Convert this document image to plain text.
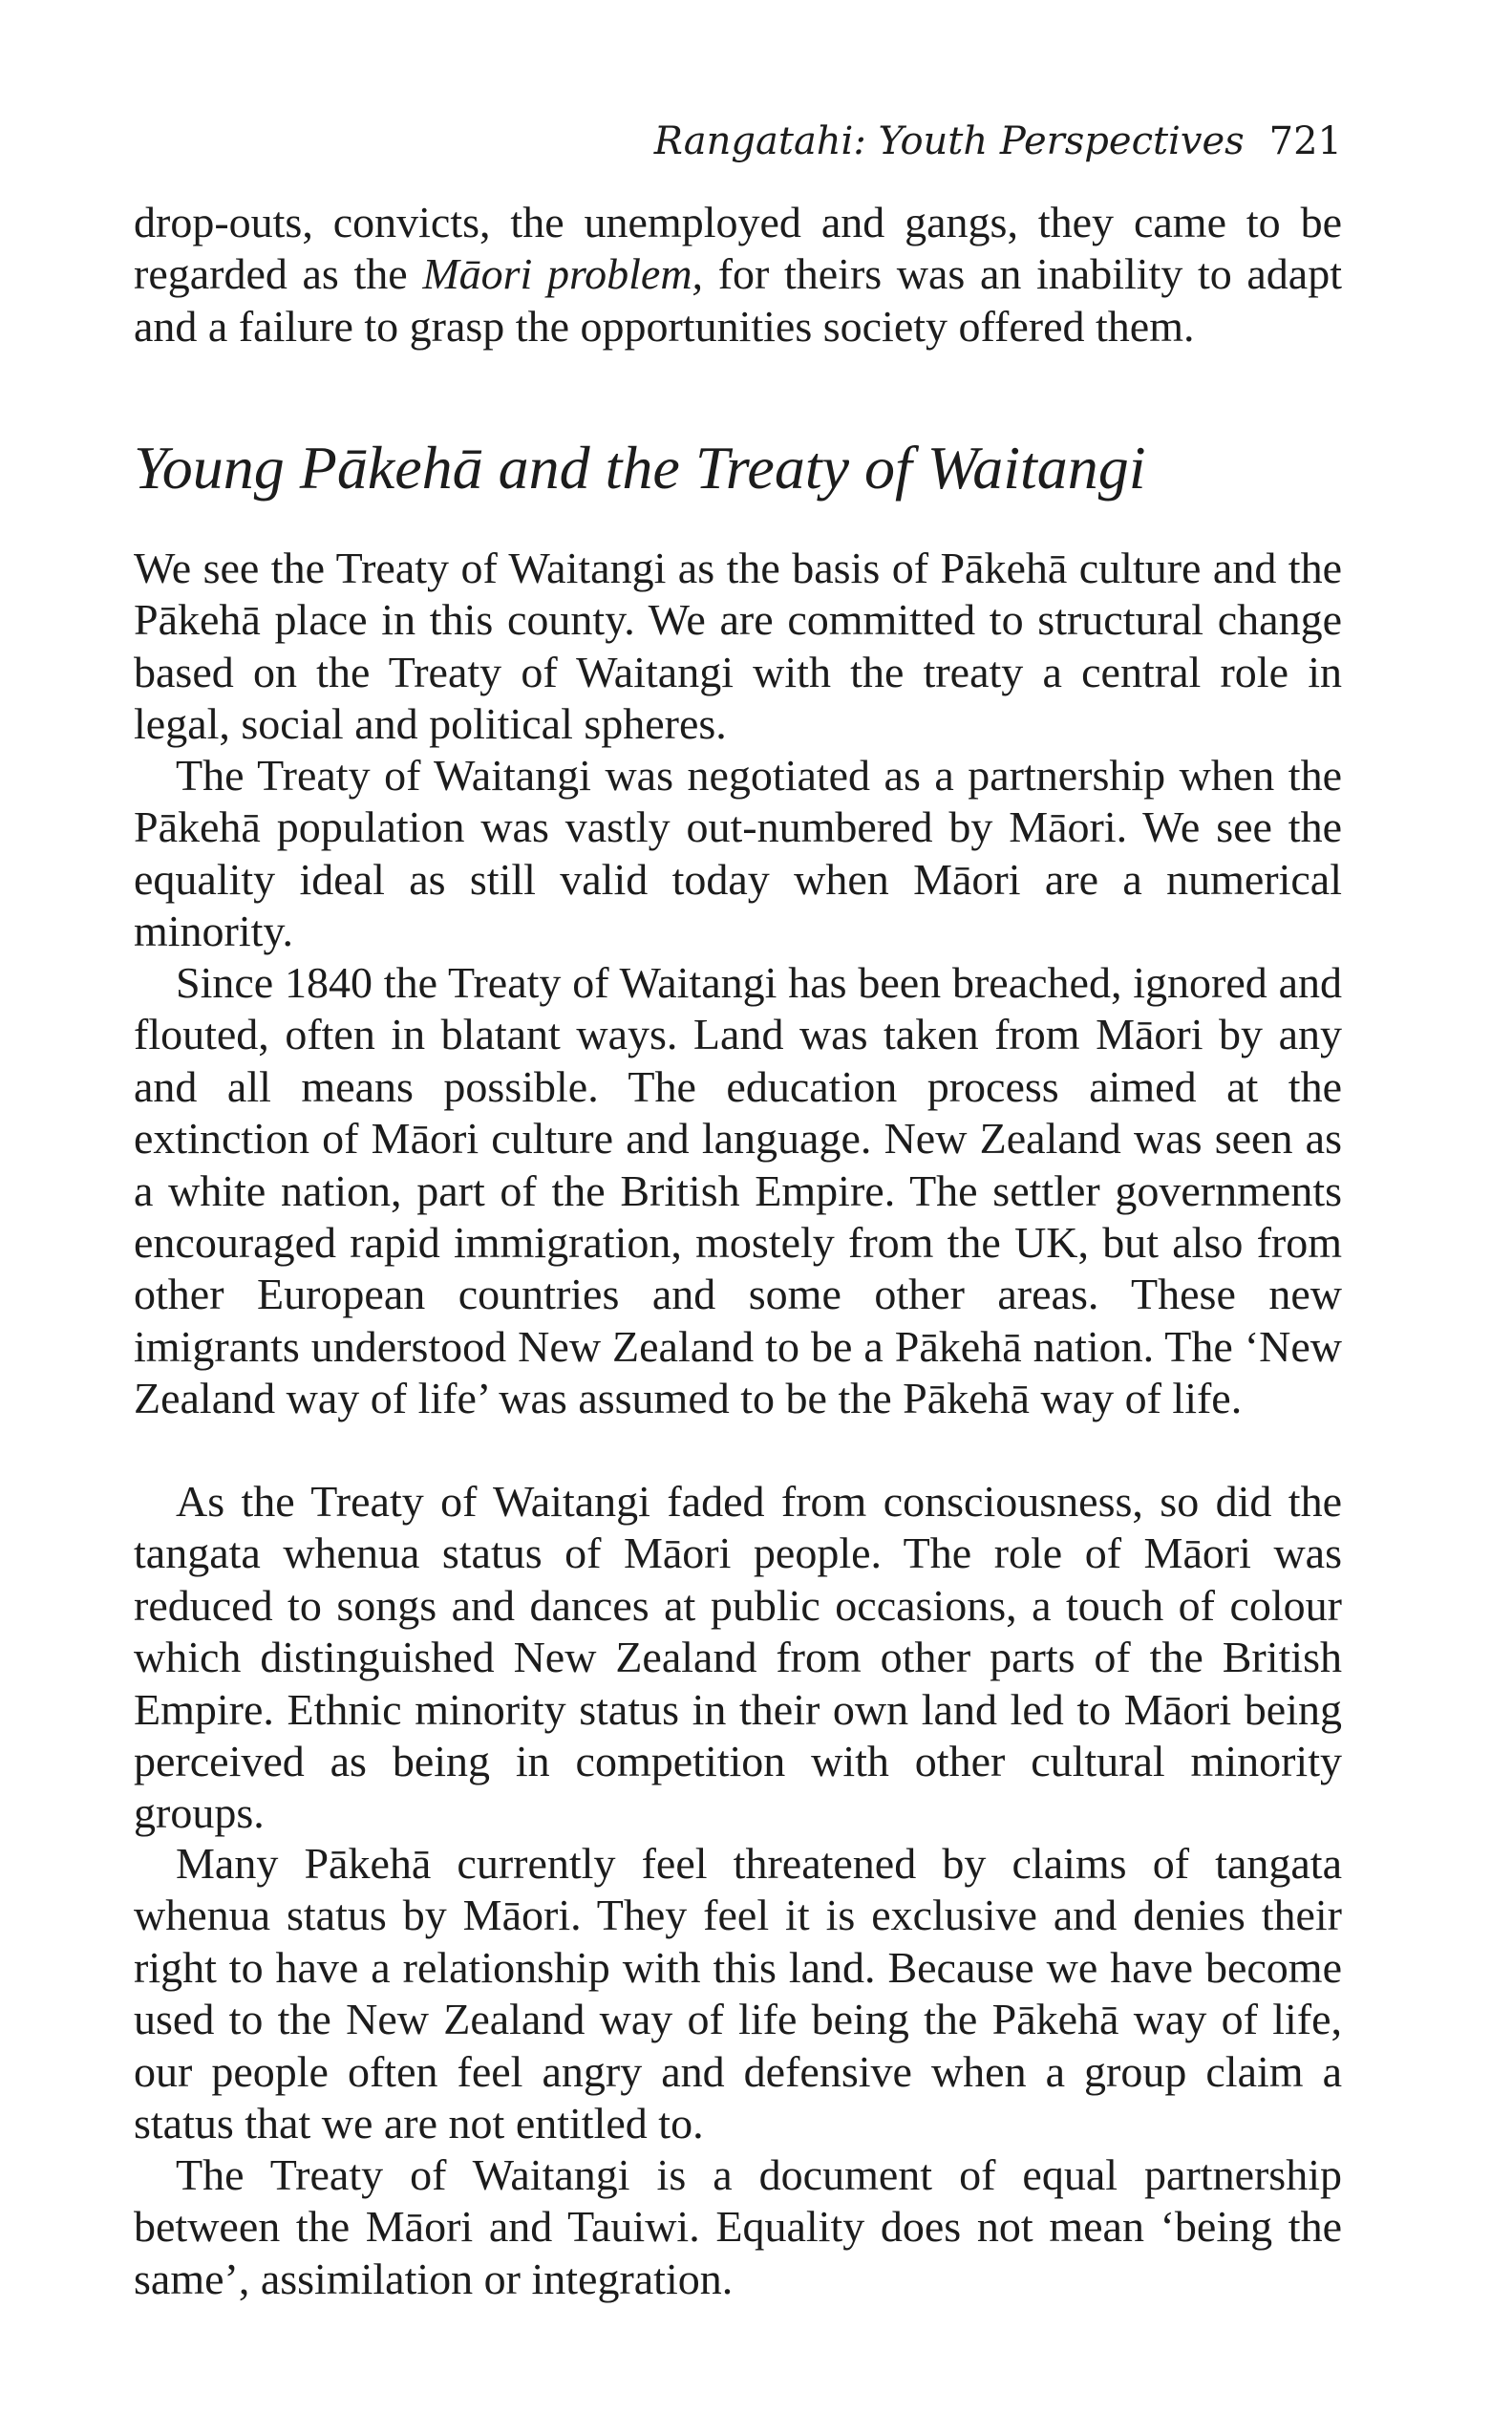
Rangatahi: Youth Perspectives 721

drop-outs, convicts, the unemployed and gangs, they came to be regarded as the Māori problem, for theirs was an inability to adapt and a failure to grasp the opportunities society offered them.

Young Pākehā and the Treaty of Waitangi

We see the Treaty of Waitangi as the basis of Pākehā culture and the Pākehā place in this county. We are committed to structural change based on the Treaty of Waitangi with the treaty a central role in legal, social and political spheres.

The Treaty of Waitangi was negotiated as a partnership when the Pākehā population was vastly out-numbered by Māori. We see the equality ideal as still valid today when Māori are a numerical minority.

Since 1840 the Treaty of Waitangi has been breached, ignored and flouted, often in blatant ways. Land was taken from Māori by any and all means possible. The education process aimed at the extinction of Māori culture and language. New Zealand was seen as a white nation, part of the British Empire. The settler governments encouraged rapid immigration, mostely from the UK, but also from other European countries and some other areas. These new imigrants understood New Zealand to be a Pākehā nation. The ‘New Zealand way of life’ was assumed to be the Pākehā way of life.

As the Treaty of Waitangi faded from consciousness, so did the tangata whenua status of Māori people. The role of Māori was reduced to songs and dances at public occasions, a touch of colour which distinguished New Zealand from other parts of the British Empire. Ethnic minority status in their own land led to Māori being perceived as being in competition with other cultural minority groups.

Many Pākehā currently feel threatened by claims of tangata whenua status by Māori. They feel it is exclusive and denies their right to have a relationship with this land. Because we have become used to the New Zealand way of life being the Pākehā way of life, our people often feel angry and defensive when a group claim a status that we are not entitled to.

The Treaty of Waitangi is a document of equal partnership between the Māori and Tauiwi. Equality does not mean ‘being the same’, assimilation or integration.
